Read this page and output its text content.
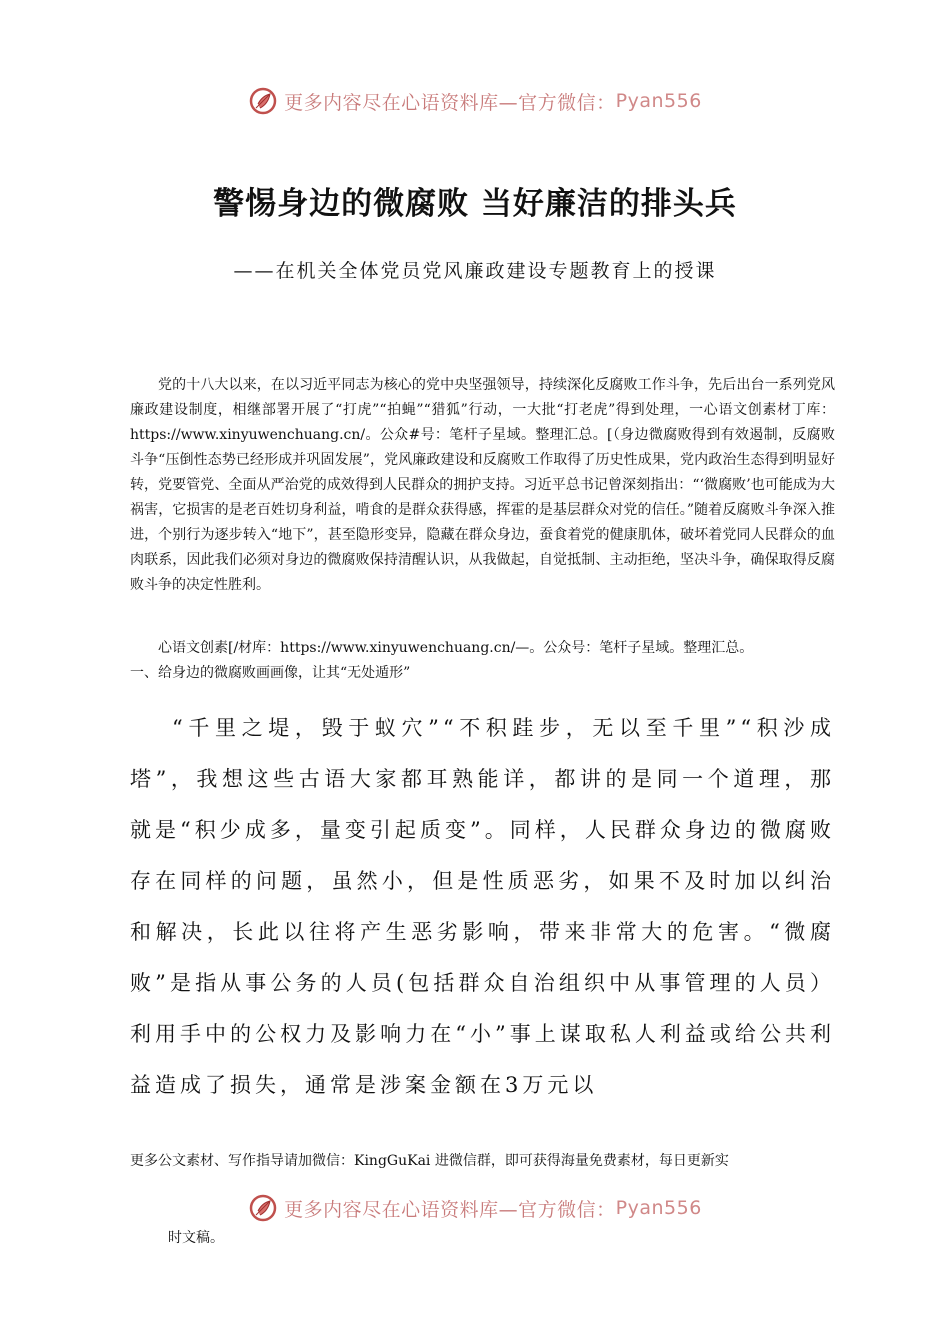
更多内容尽在心语资料库—官方微信： Pyan556
警惕身边的微腐败 当好廉洁的排头兵
——在机关全体党员党风廉政建设专题教育上的授课

党的十八大以来，在以习近平同志为核心的党中央坚强领导，持续深化反腐败工作斗争，先后出台一系列党风廉政建设制度，相继部署开展了“打虎”“拍蝇”“猎狐”行动，一大批“打老虎”得到处理，一心语文创素材丁库：https://www.xinyuwenchuang.cn/。公众#号：笔杆子星域。整理汇总。[（身边微腐败得到有效遏制，反腐败斗争“压倒性态势已经形成并巩固发展”，党风廉政建设和反腐败工作取得了历史性成果，党内政治生态得到明显好转，党要管党、全面从严治党的成效得到人民群众的拥护支持。习近平总书记曾深刻指出：“‘微腐败’也可能成为大祸害，它损害的是老百姓切身利益，啃食的是群众获得感，挥霍的是基层群众对党的信任。”随着反腐败斗争深入推进，个别行为逐步转入“地下”，甚至隐形变异，隐藏在群众身边，蚕食着党的健康肌体，破坏着党同人民群众的血肉联系，因此我们必须对身边的微腐败保持清醒认识，从我做起，自觉抵制、主动拒绝，坚决斗争，确保取得反腐败斗争的决定性胜利。

心语文创素[/材库：https://www.xinyuwenchuang.cn/—。公众号：笔杆子星域。整理汇总。

一、给身边的微腐败画画像，让其“无处遁形”
“千里之堤，毁于蚁穴”“不积跬步，无以至千里”“积沙成塔”，我想这些古语大家都耳熟能详，都讲的是同一个道理，那就是“积少成多，量变引起质变”。同样，人民群众身边的微腐败存在同样的问题，虽然小，但是性质恶劣，如果不及时加以纠治和解决，长此以往将产生恶劣影响，带来非常大的危害。“微腐败”是指从事公务的人员(包括群众自治组织中从事管理的人员）利用手中的公权力及影响力在“小”事上谋取私人利益或给公共利益造成了损失，通常是涉案金额在3万元以
更多公文素材、写作指导请加微信：KingGuKai 进微信群，即可获得海量免费素材，每日更新实
更多内容尽在心语资料库—官方微信： Pyan556
时文稿。
